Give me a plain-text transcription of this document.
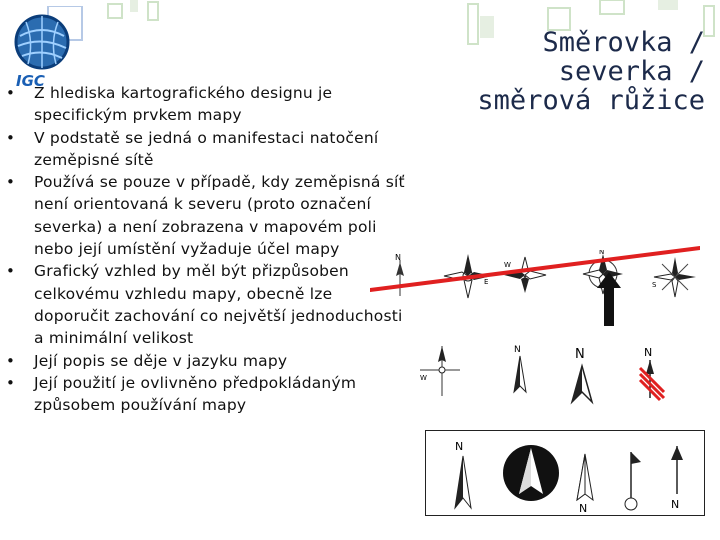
IGC
Směrovka /
severka /
směrová růžice
• Z hlediska kartografického designu je specifickým prvkem mapy
• V podstatě se jedná o manifestaci natočení zeměpisné sítě
• Používá se pouze v případě, kdy zeměpisná síť není orientovaná k severu (proto označení severka) a není zobrazena v mapovém poli nebo její umístění vyžaduje účel mapy
• Grafický vzhled by měl být přizpůsoben celkovému vzhledu mapy, obecně lze doporučit zachování co největší jednoduchosti a minimální velikost
• Její popis se děje v jazyku mapy
• Její použití je ovlivněno předpokládaným způsobem používání mapy
N
E
W
N
S
W
N	N	N
N
N	N
